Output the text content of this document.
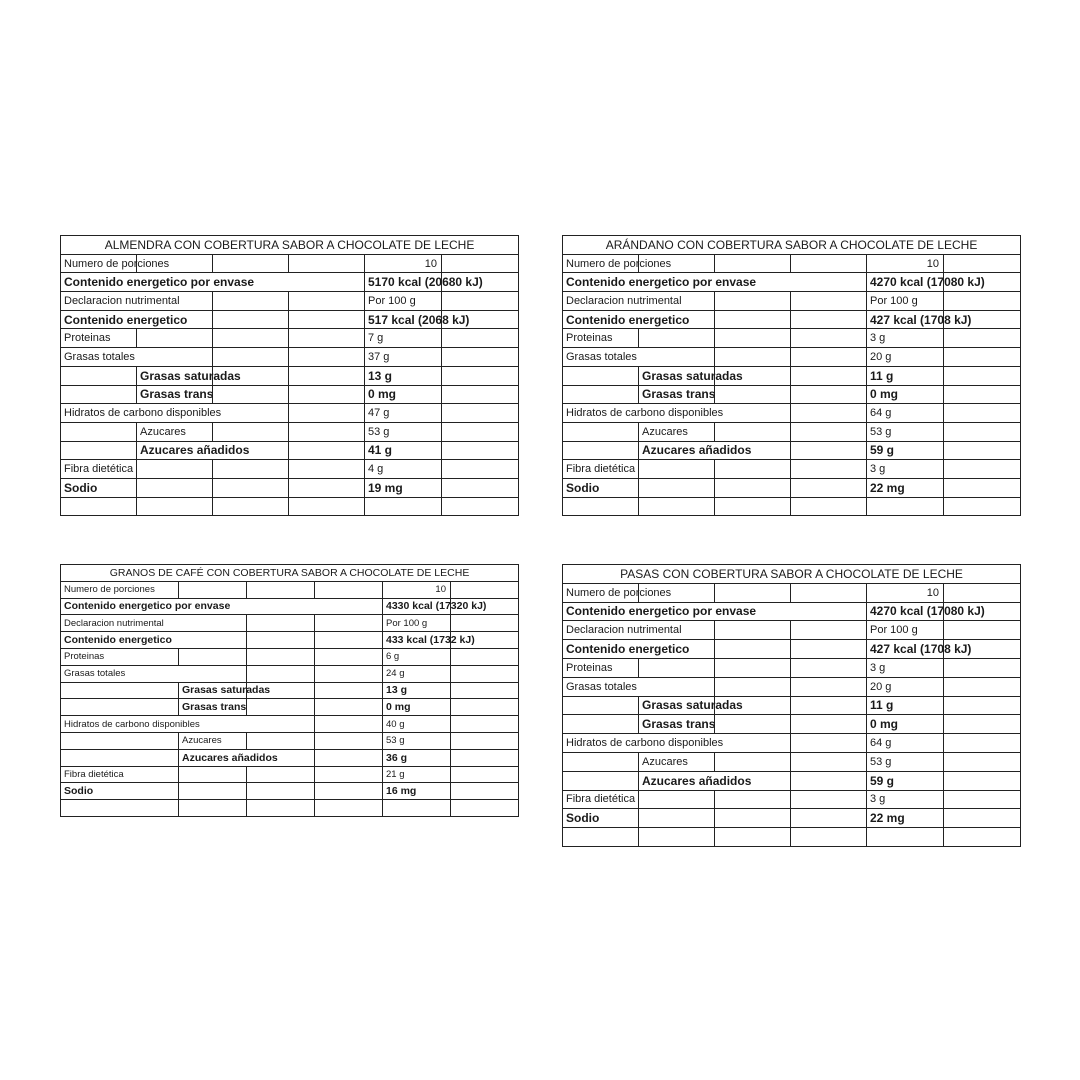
ALMENDRA CON COBERTURA SABOR A CHOCOLATE DE LECHE					
Numero de porciones				10	
Contenido energetico por envase				5170 kcal (20680 kJ)	
Declaracion nutrimental				Por 100 g	
Contenido energetico				517 kcal (2068 kJ)	
Proteinas				7 g	
Grasas totales				37 g	
	Grasas saturadas			13 g	
	Grasas trans			0 mg	
Hidratos de carbono disponibles				47 g	
	Azucares			53 g	
	Azucares añadidos			41 g	
Fibra dietética				4 g	
Sodio				19 mg	

ARÁNDANO CON COBERTURA SABOR A CHOCOLATE DE LECHE					
Numero de porciones				10	
Contenido energetico por envase				4270 kcal (17080 kJ)	
Declaracion nutrimental				Por 100 g	
Contenido energetico				427 kcal (1708 kJ)	
Proteinas				3 g	
Grasas totales				20 g	
	Grasas saturadas			11 g	
	Grasas trans			0 mg	
Hidratos de carbono disponibles				64 g	
	Azucares			53 g	
	Azucares añadidos			59 g	
Fibra dietética				3 g	
Sodio				22 mg	

GRANOS DE CAFÉ CON COBERTURA SABOR A CHOCOLATE DE LECHE					
Numero de porciones				10	
Contenido energetico por envase				4330 kcal (17320 kJ)	
Declaracion nutrimental				Por 100 g	
Contenido energetico				433 kcal (1732 kJ)	
Proteinas				6 g	
Grasas totales				24 g	
	Grasas saturadas			13 g	
	Grasas trans			0 mg	
Hidratos de carbono disponibles				40 g	
	Azucares			53 g	
	Azucares añadidos			36 g	
Fibra dietética				21 g	
Sodio				16 mg	

PASAS CON COBERTURA SABOR A CHOCOLATE DE LECHE					
Numero de porciones				10	
Contenido energetico por envase				4270 kcal (17080 kJ)	
Declaracion nutrimental				Por 100 g	
Contenido energetico				427 kcal (1708 kJ)	
Proteinas				3 g	
Grasas totales				20 g	
	Grasas saturadas			11 g	
	Grasas trans			0 mg	
Hidratos de carbono disponibles				64 g	
	Azucares			53 g	
	Azucares añadidos			59 g	
Fibra dietética				3 g	
Sodio				22 mg	
